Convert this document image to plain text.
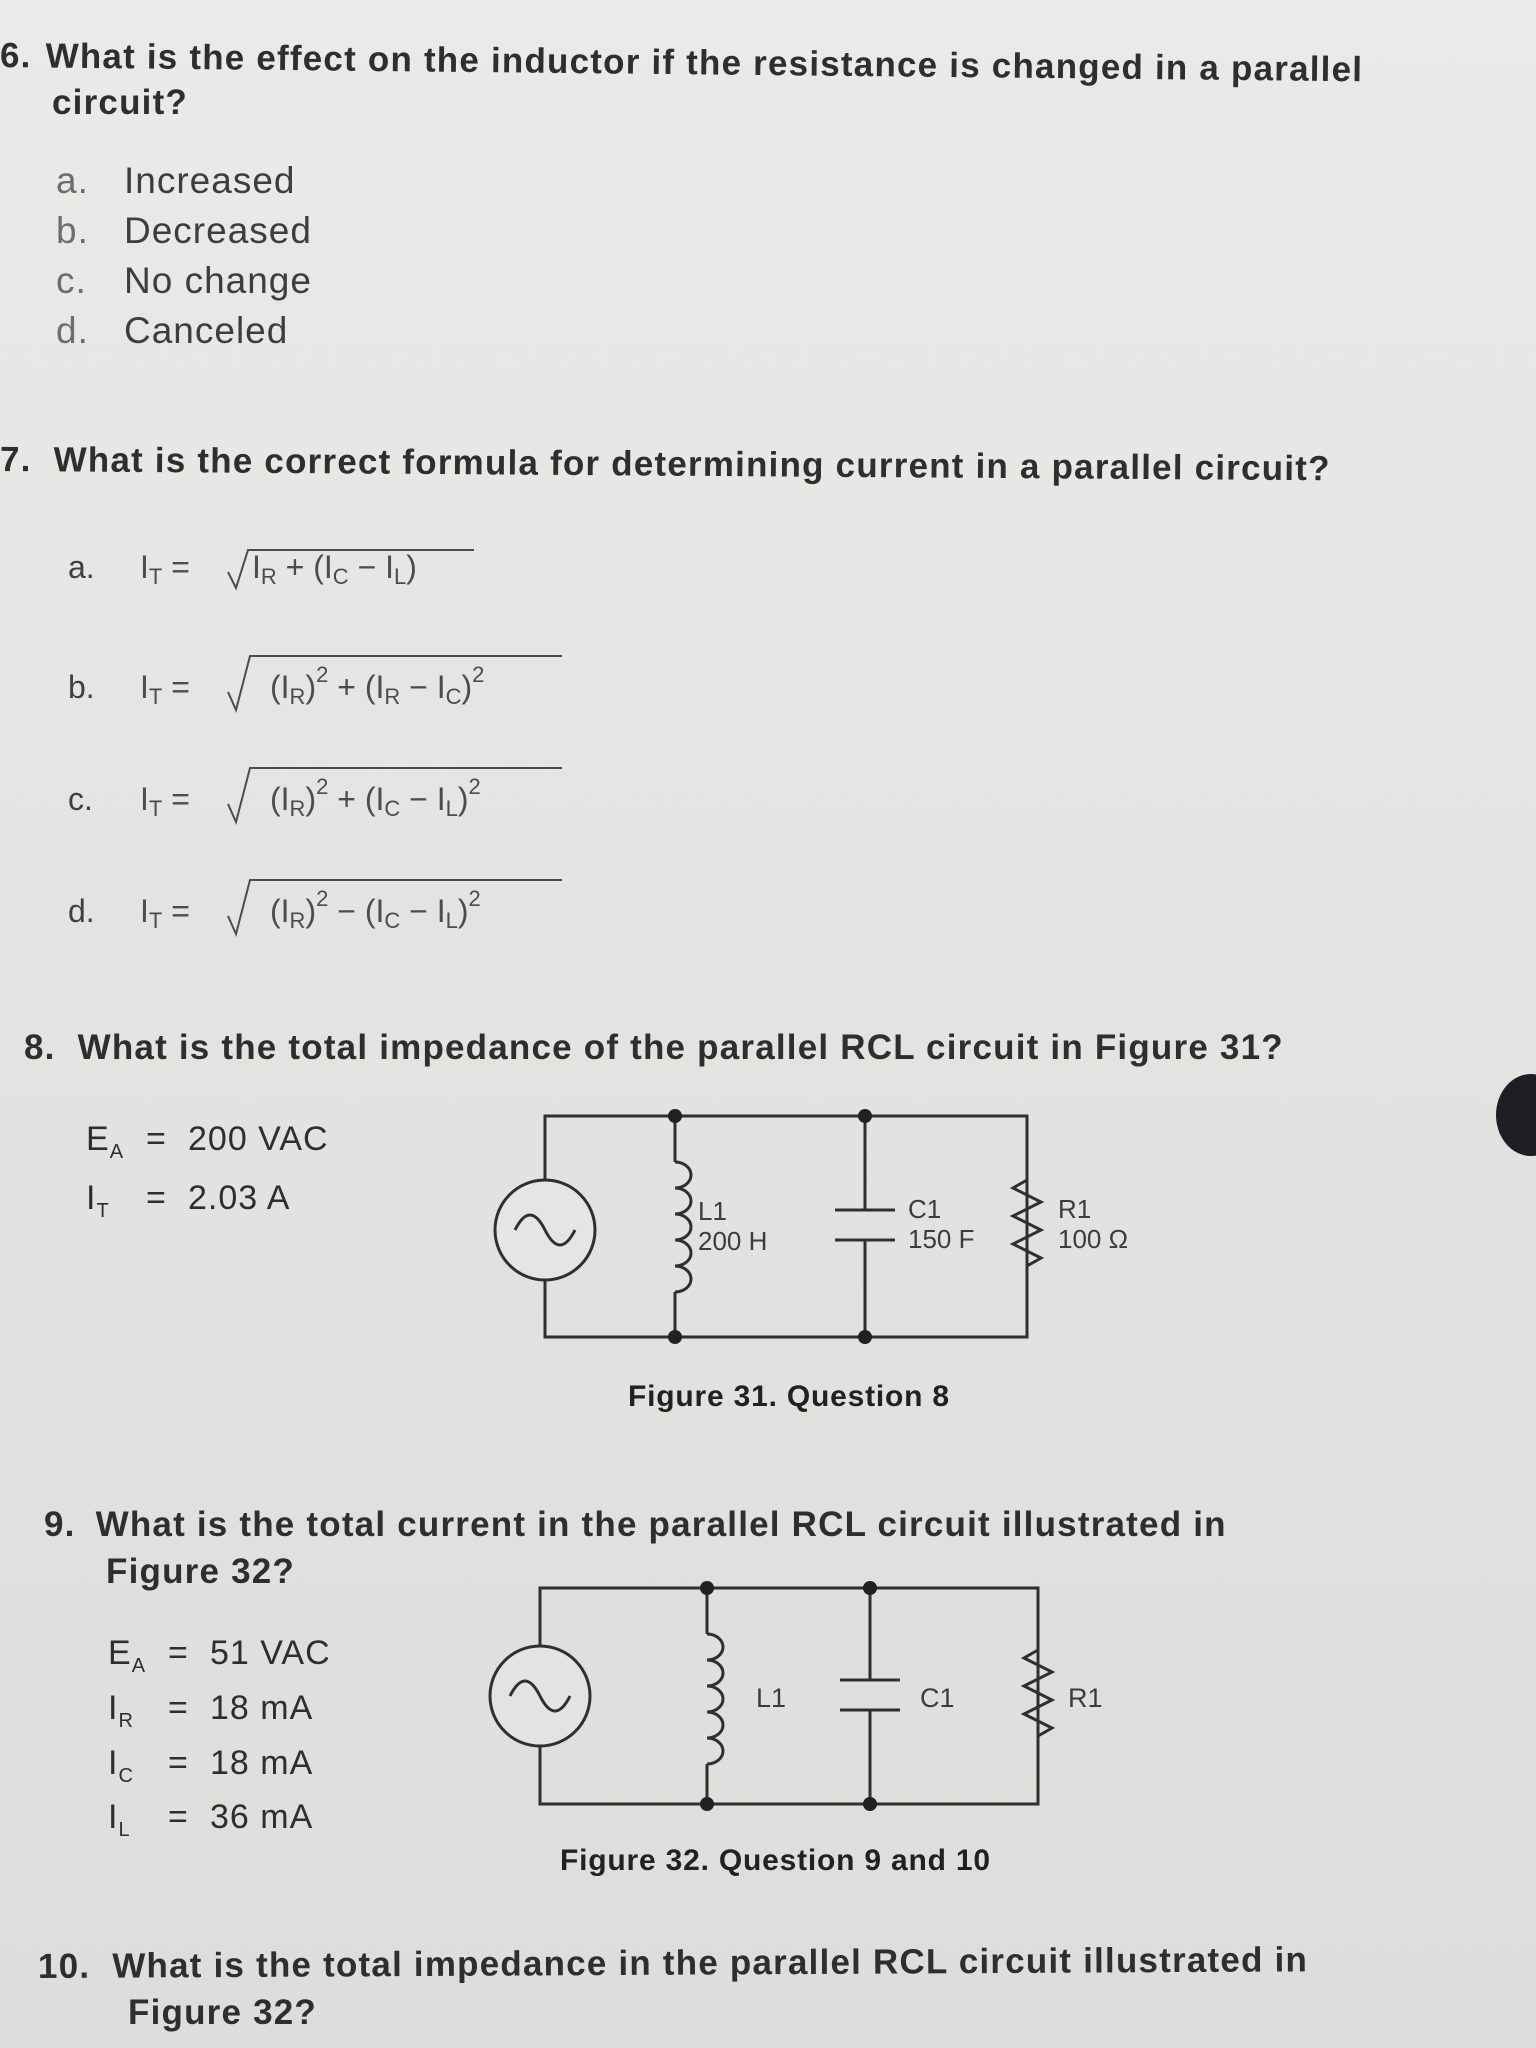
6. What is the effect on the inductor if the resistance is changed in a parallel
circuit?
a. Increased
b. Decreased
c. No change
d. Canceled
7. What is the correct formula for determining current in a parallel circuit?
a. IT = IR + (IC − IL)
b. IT =	(IR)$^2$ + (IR − IC)$^2$
c. IT =	(IR)$^2$ + (IC − IL)$^2$
d. IT =	(IR)$^2$ − (IC − IL)$^2$
8. What is the total impedance of the parallel RCL circuit in Figure 31?
$E_A = 200$ VAC
$I_T = 2.03$ A	L1
200 H
C1
150 F
R1
100 Ω
Figure 31. Question 8
9. What is the total current in the parallel RCL circuit illustrated in
Figure 32?
$E_A = 51$ VAC
$I_R = 18$ mA
$I_C = 18$ mA
$I_L = 36$ mA
L1	C1	R1
Figure 32. Question 9 and 10
10. What is the total impedance in the parallel RCL circuit illustrated in
Figure 32?
